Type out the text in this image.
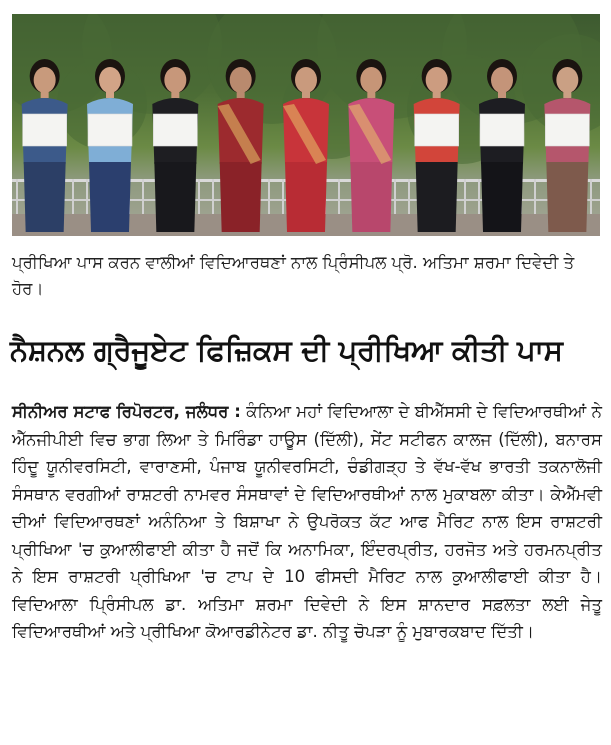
ਪ੍ਰੀਖਿਆ ਪਾਸ ਕਰਨ ਵਾਲੀਆਂ ਵਿਦਿਆਰਥਣਾਂ ਨਾਲ ਪ੍ਰਿੰਸੀਪਲ ਪ੍ਰੋ. ਅਤਿਮਾ ਸ਼ਰਮਾ ਦਿਵੇਦੀ ਤੇ ਹੋਰ।
ਨੈਸ਼ਨਲ ਗ੍ਰੈਜੂਏਟ ਫਿਜ਼ਿਕਸ ਦੀ ਪ੍ਰੀਖਿਆ ਕੀਤੀ ਪਾਸ
ਸੀਨੀਅਰ ਸਟਾਫ ਰਿਪੋਰਟਰ, ਜਲੰਧਰ : ਕੰਨਿਆ ਮਹਾਂ ਵਿਦਿਆਲਾ ਦੇ ਬੀਐੱਸਸੀ ਦੇ ਵਿਦਿਆਰਥੀਆਂ ਨੇ ਐੱਨਜੀਪੀਈ ਵਿਚ ਭਾਗ ਲਿਆ ਤੇ ਮਿਰਿੰਡਾ ਹਾਊਸ (ਦਿੱਲੀ), ਸੇਂਟ ਸਟੀਫਨ ਕਾਲਜ (ਦਿੱਲੀ), ਬਨਾਰਸ ਹਿੰਦੂ ਯੂਨੀਵਰਸਿਟੀ, ਵਾਰਾਣਸੀ, ਪੰਜਾਬ ਯੂਨੀਵਰਸਿਟੀ, ਚੰਡੀਗੜ੍ਹ ਤੇ ਵੱਖ-ਵੱਖ ਭਾਰਤੀ ਤਕਨਾਲੋਜੀ ਸੰਸਥਾਨ ਵਰਗੀਆਂ ਰਾਸ਼ਟਰੀ ਨਾਮਵਰ ਸੰਸਥਾਵਾਂ ਦੇ ਵਿਦਿਆਰਥੀਆਂ ਨਾਲ ਮੁਕਾਬਲਾ ਕੀਤਾ। ਕੇਐੱਮਵੀ ਦੀਆਂ ਵਿਦਿਆਰਥਣਾਂ ਅਨੰਨਿਆ ਤੇ ਬਿਸ਼ਾਖਾ ਨੇ ਉਪਰੋਕਤ ਕੱਟ ਆਫ ਮੈਰਿਟ ਨਾਲ ਇਸ ਰਾਸ਼ਟਰੀ ਪ੍ਰੀਖਿਆ 'ਚ ਕੁਆਲੀਫਾਈ ਕੀਤਾ ਹੈ ਜਦੋਂ ਕਿ ਅਨਾਮਿਕਾ, ਇੰਦਰਪ੍ਰੀਤ, ਹਰਜੋਤ ਅਤੇ ਹਰਮਨਪ੍ਰੀਤ ਨੇ ਇਸ ਰਾਸ਼ਟਰੀ ਪ੍ਰੀਖਿਆ 'ਚ ਟਾਪ ਦੇ 10 ਫੀਸਦੀ ਮੈਰਿਟ ਨਾਲ ਕੁਆਲੀਫਾਈ ਕੀਤਾ ਹੈ। ਵਿਦਿਆਲਾ ਪ੍ਰਿੰਸੀਪਲ ਡਾ. ਅਤਿਮਾ ਸ਼ਰਮਾ ਦਿਵੇਦੀ ਨੇ ਇਸ ਸ਼ਾਨਦਾਰ ਸਫ਼ਲਤਾ ਲਈ ਜੇਤੂ ਵਿਦਿਆਰਥੀਆਂ ਅਤੇ ਪ੍ਰੀਖਿਆ ਕੋਆਰਡੀਨੇਟਰ ਡਾ. ਨੀਤੂ ਚੋਪੜਾ ਨੂੰ ਮੁਬਾਰਕਬਾਦ ਦਿੱਤੀ।
